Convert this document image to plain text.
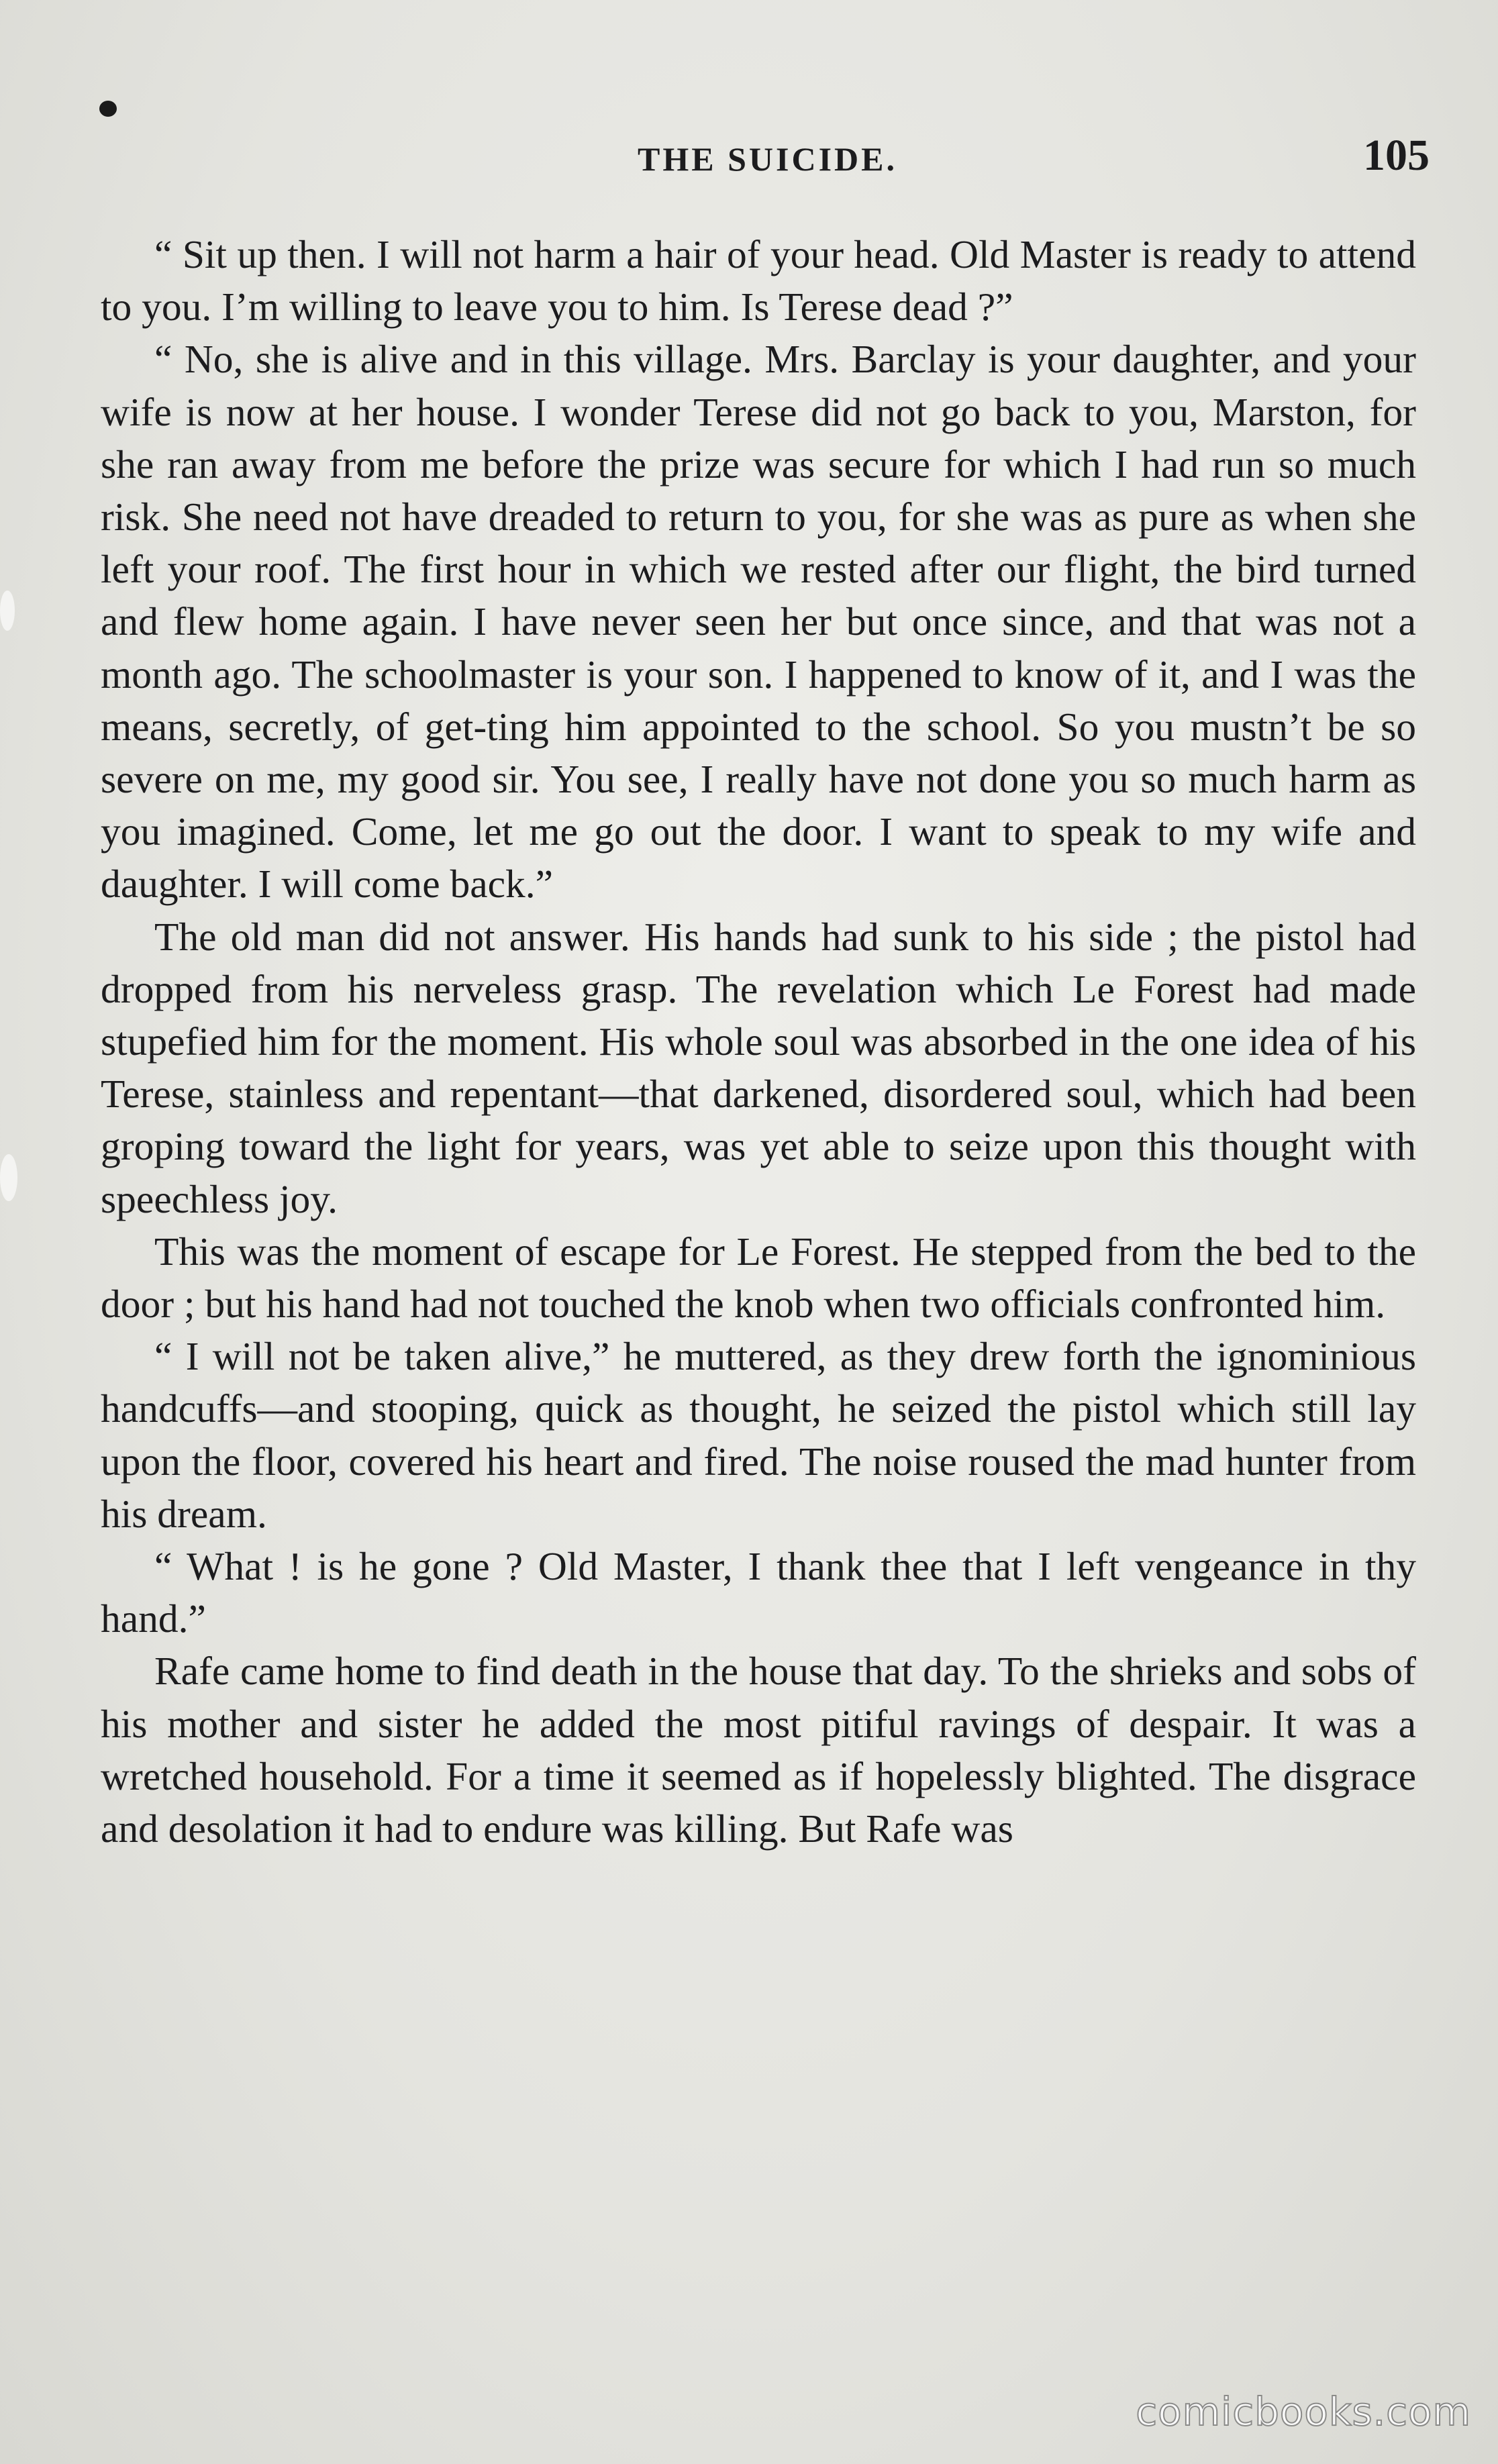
THE SUICIDE.	105

“ Sit up then. I will not harm a hair of your head. Old Master is ready to attend to you. I’m willing to leave you to him. Is Terese dead ?”

“ No, she is alive and in this village. Mrs. Barclay is your daughter, and your wife is now at her house. I wonder Terese did not go back to you, Marston, for she ran away from me before the prize was secure for which I had run so much risk. She need not have dreaded to return to you, for she was as pure as when she left your roof. The first hour in which we rested after our flight, the bird turned and flew home again. I have never seen her but once since, and that was not a month ago. The schoolmaster is your son. I happened to know of it, and I was the means, secretly, of get-ting him appointed to the school. So you mustn’t be so severe on me, my good sir. You see, I really have not done you so much harm as you imagined. Come, let me go out the door. I want to speak to my wife and daughter. I will come back.”

The old man did not answer. His hands had sunk to his side ; the pistol had dropped from his nerveless grasp. The revelation which Le Forest had made stupefied him for the moment. His whole soul was absorbed in the one idea of his Terese, stainless and repentant—that darkened, disordered soul, which had been groping toward the light for years, was yet able to seize upon this thought with speechless joy.

This was the moment of escape for Le Forest. He stepped from the bed to the door ; but his hand had not touched the knob when two officials confronted him.

“ I will not be taken alive,” he muttered, as they drew forth the ignominious handcuffs—and stooping, quick as thought, he seized the pistol which still lay upon the floor, covered his heart and fired. The noise roused the mad hunter from his dream.

“ What ! is he gone ? Old Master, I thank thee that I left vengeance in thy hand.”

Rafe came home to find death in the house that day. To the shrieks and sobs of his mother and sister he added the most pitiful ravings of despair. It was a wretched household. For a time it seemed as if hopelessly blighted. The disgrace and desolation it had to endure was killing. But Rafe was

comicbooks.com
